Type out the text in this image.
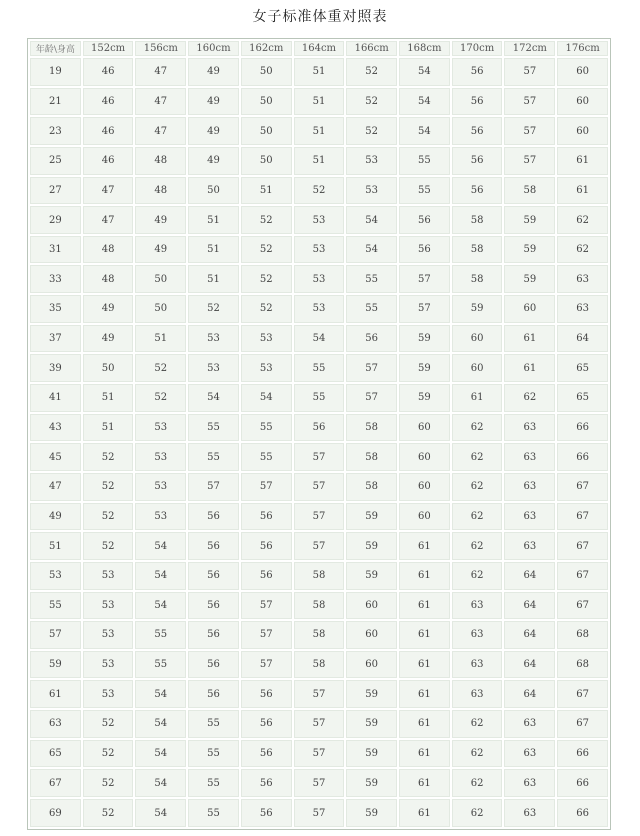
女子标准体重对照表
年龄\身高	152cm	156cm	160cm	162cm	164cm	166cm	168cm	170cm	172cm	176cm
19	46	47	49	50	51	52	54	56	57	60
21	46	47	49	50	51	52	54	56	57	60
23	46	47	49	50	51	52	54	56	57	60
25	46	48	49	50	51	53	55	56	57	61
27	47	48	50	51	52	53	55	56	58	61
29	47	49	51	52	53	54	56	58	59	62
31	48	49	51	52	53	54	56	58	59	62
33	48	50	51	52	53	55	57	58	59	63
35	49	50	52	52	53	55	57	59	60	63
37	49	51	53	53	54	56	59	60	61	64
39	50	52	53	53	55	57	59	60	61	65
41	51	52	54	54	55	57	59	61	62	65
43	51	53	55	55	56	58	60	62	63	66
45	52	53	55	55	57	58	60	62	63	66
47	52	53	57	57	57	58	60	62	63	67
49	52	53	56	56	57	59	60	62	63	67
51	52	54	56	56	57	59	61	62	63	67
53	53	54	56	56	58	59	61	62	64	67
55	53	54	56	57	58	60	61	63	64	67
57	53	55	56	57	58	60	61	63	64	68
59	53	55	56	57	58	60	61	63	64	68
61	53	54	56	56	57	59	61	63	64	67
63	52	54	55	56	57	59	61	62	63	67
65	52	54	55	56	57	59	61	62	63	66
67	52	54	55	56	57	59	61	62	63	66
69	52	54	55	56	57	59	61	62	63	66
